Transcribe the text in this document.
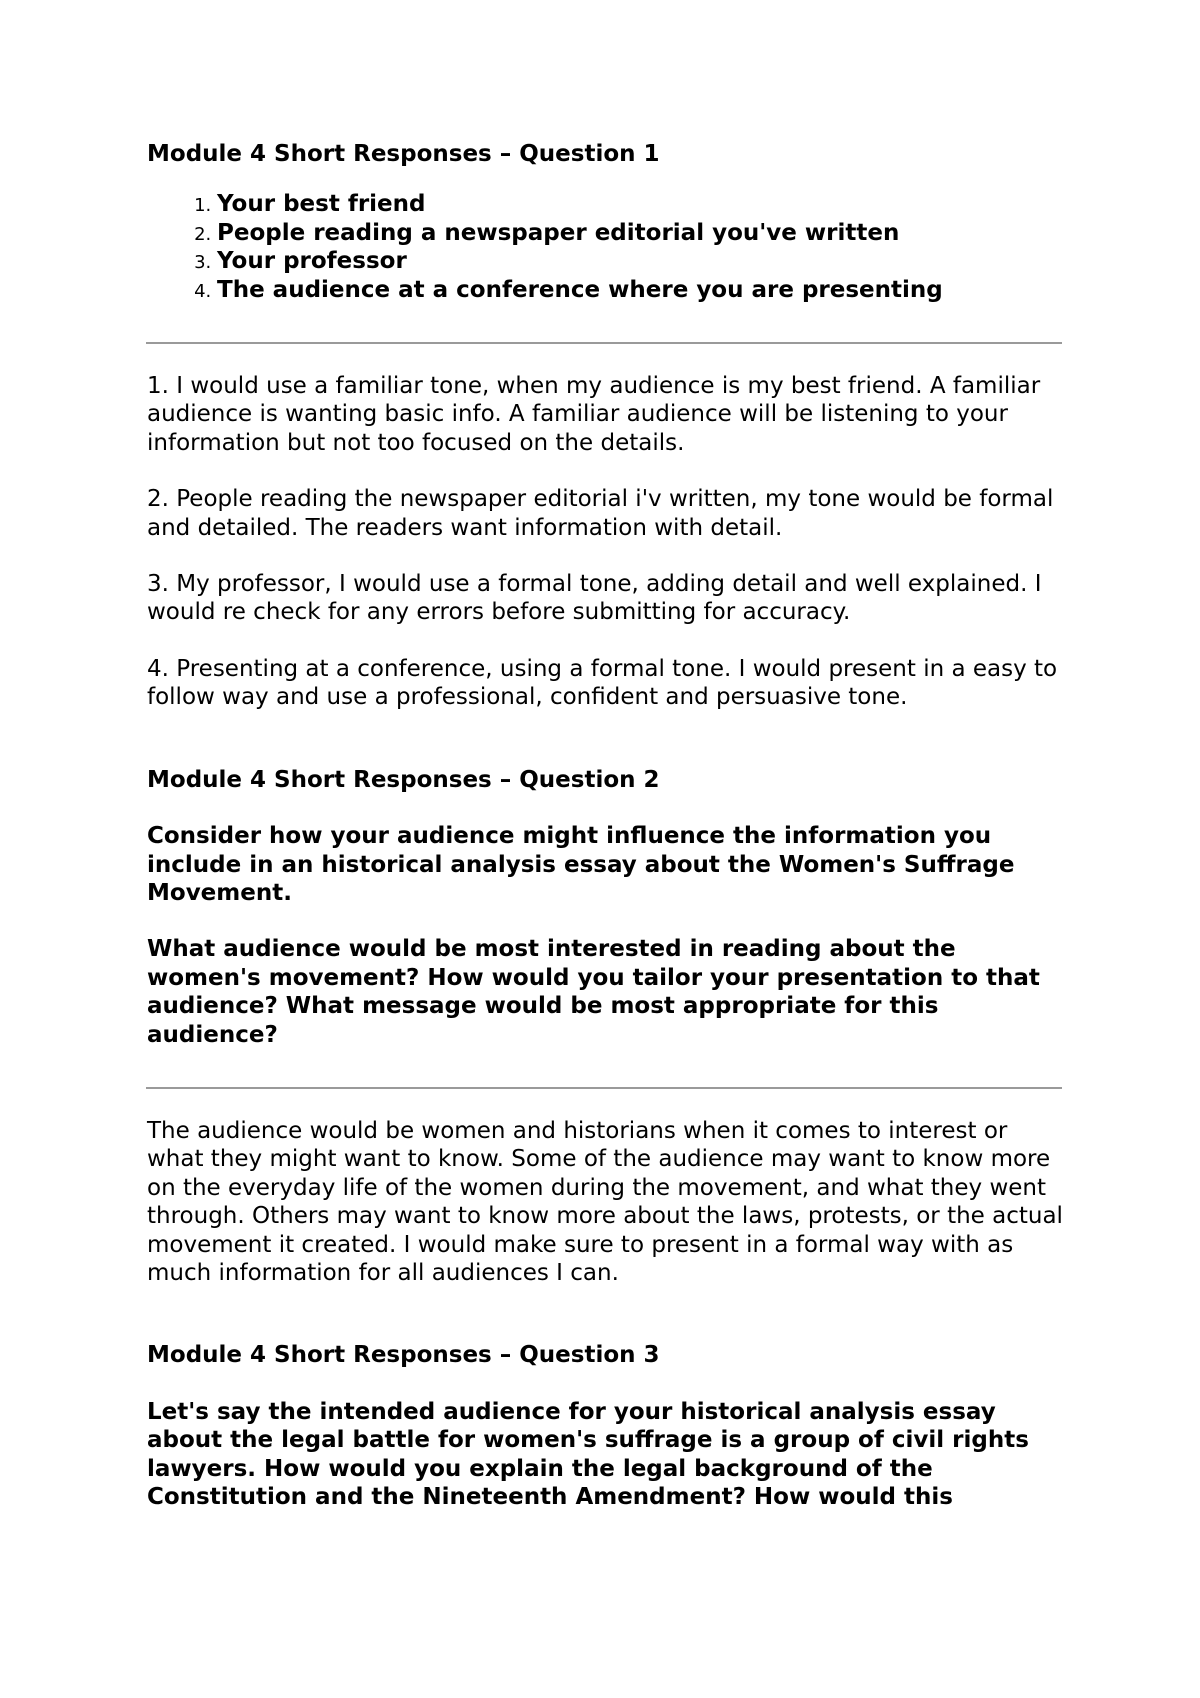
Module 4 Short Responses – Question 1

1. Your best friend
2. People reading a newspaper editorial you've written
3. Your professor
4. The audience at a conference where you are presenting

1. I would use a familiar tone, when my audience is my best friend. A familiar audience is wanting basic info. A familiar audience will be listening to your information but not too focused on the details.

2. People reading the newspaper editorial i'v written, my tone would be formal and detailed. The readers want information with detail.

3. My professor, I would use a formal tone, adding detail and well explained. I would re check for any errors before submitting for accuracy.

4. Presenting at a conference, using a formal tone. I would present in a easy to follow way and use a professional, confident and persuasive tone.

Module 4 Short Responses – Question 2

Consider how your audience might influence the information you include in an historical analysis essay about the Women's Suffrage Movement.

What audience would be most interested in reading about the women's movement? How would you tailor your presentation to that audience? What message would be most appropriate for this audience?

The audience would be women and historians when it comes to interest or what they might want to know. Some of the audience may want to know more on the everyday life of the women during the movement, and what they went through. Others may want to know more about the laws, protests, or the actual movement it created. I would make sure to present in a formal way with as much information for all audiences I can.

Module 4 Short Responses – Question 3

Let's say the intended audience for your historical analysis essay about the legal battle for women's suffrage is a group of civil rights lawyers. How would you explain the legal background of the Constitution and the Nineteenth Amendment? How would this
